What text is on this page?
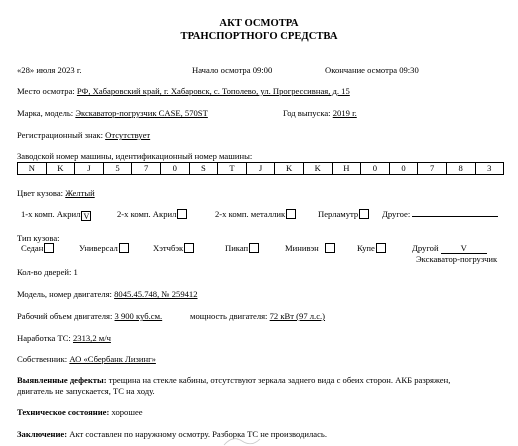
АКТ ОСМОТРА
ТРАНСПОРТНОГО СРЕДСТВА
«28» июля 2023 г.	Начало осмотра 09:00	Окончание осмотра 09:30
Место осмотра: РФ, Хабаровский край, г. Хабаровск, с. Тополево, ул. Прогрессивная, д. 15
Марка, модель: Экскаватор-погрузчик CASE, 570ST	Год выпуска: 2019 г.
Регистрационный знак: Отсутствует
Заводской номер машины, идентификационный номер машины:
N	K	J	5	7	0	S	T	J	K	K	H	0	0	7	8	3
Цвет кузова: Желтый
1-х комп. Акрил V	2-х комп. Акрил	2-х комп. металлик	Перламутр	Другое:
Тип кузова:
Седан	Универсал	Хэтчбэк	Пикап	Минивэн	Купе	Другой	V
Экскаватор-погрузчик
Кол-во дверей: 1
Модель, номер двигателя: 8045.45.748, № 259412
Рабочий объем двигателя: 3 900 куб.см.	мощность двигателя: 72 кВт (97 л.с.)
Наработка ТС: 2313,2 м/ч
Собственник: АО «Сбербанк Лизинг»
Выявленные дефекты: трещина на стекле кабины, отсутствуют зеркала заднего вида с обеих сторон. АКБ разряжен,
двигатель не запускается, ТС на ходу.
Техническое состояние: хорошее
Заключение: Акт составлен по наружному осмотру. Разборка ТС не производилась.
